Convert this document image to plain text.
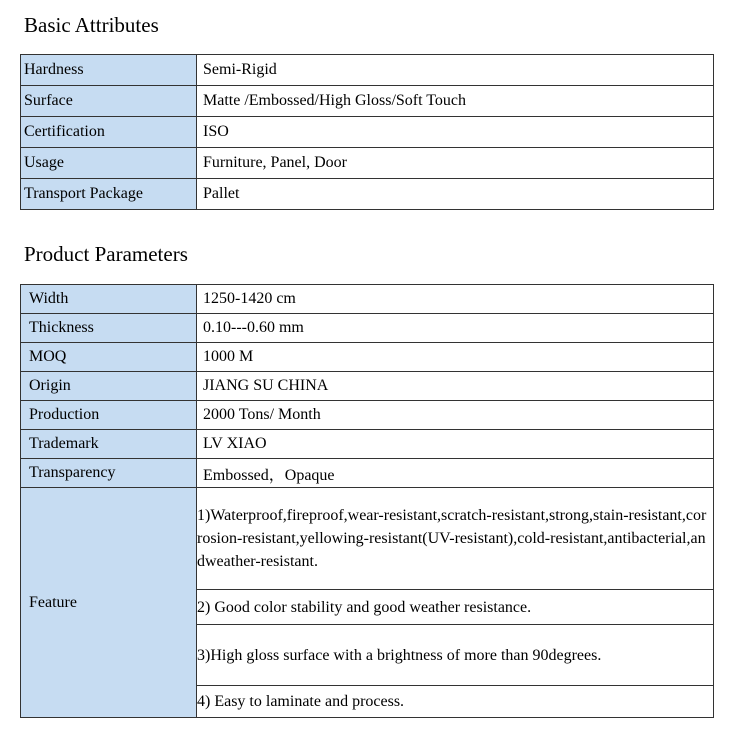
Basic Attributes
Hardness	Semi-Rigid
Surface	Matte /Embossed/High Gloss/Soft Touch
Certification	ISO
Usage	Furniture, Panel, Door
Transport Package	Pallet
Product Parameters
Width	1250-1420 cm
Thickness	0.10---0.60 mm
MOQ	1000 M
Origin	JIANG SU CHINA
Production	2000 Tons/ Month
Trademark	LV XIAO
Transparency	Embossed，Opaque
Feature	1)Waterproof,fireproof,wear-resistant,scratch-resistant,strong,stain-resistant,corrosion-resistant,yellowing-resistant(UV-resistant),cold-resistant,antibacterial,andweather-resistant.

	2) Good color stability and good weather resistance.

	3)High gloss surface with a brightness of more than 90degrees.

	4) Easy to laminate and process.
